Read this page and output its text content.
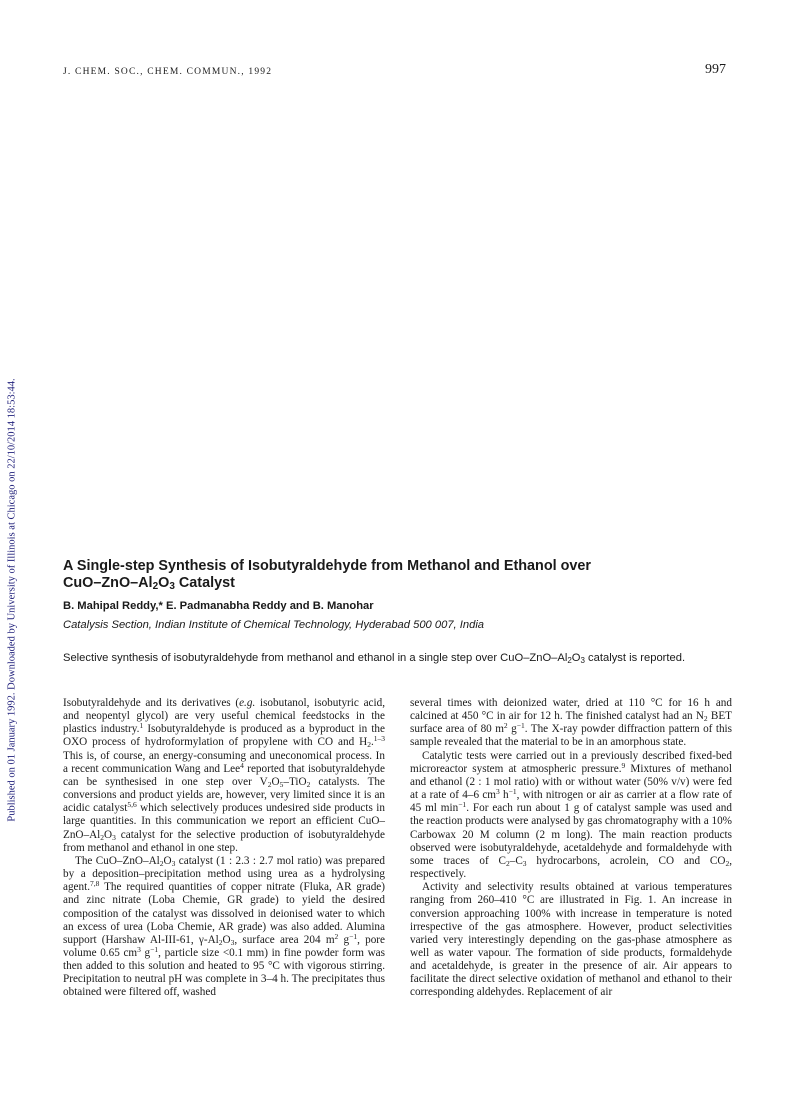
Published on 01 January 1992. Downloaded by University of Illinois at Chicago on 22/10/2014 18:53:44.
J. CHEM. SOC., CHEM. COMMUN., 1992	997
A Single-step Synthesis of Isobutyraldehyde from Methanol and Ethanol over
CuO–$ZnO-Al_2O_3$ Catalyst
B. Mahipal Reddy,* E. Padmanabha Reddy and B. Manohar
Catalysis Section, Indian Institute of Chemical Technology, Hyderabad 500 007, India

Selective synthesis of isobutyraldehyde from methanol and ethanol in a single step over CuO–$ZnO-Al_2O_3$ catalyst is reported.

Isobutyraldehyde and its derivatives (e.g. isobutanol, isobutyric acid, and neopentyl glycol) are very useful chemical feedstocks in the plastics industry.$^1$ Isobutyraldehyde is produced as a byproduct in the OXO process of hydroformylation of propylene with CO and $H_2.^{1-3}$ This is, of course, an energy-consuming and uneconomical process. In a recent communication Wang and Lee$^4$ reported that isobutyraldehyde can be synthesised in one step over $V_2O_5-TiO_2$ catalysts. The conversions and product yields are, however, very limited since it is an acidic catalyst$^{5,6}$ which selectively produces undesired side products in large quantities. In this communication we report an efficient CuO–$ZnO-Al_2O_3$ catalyst for the selective production of isobutyraldehyde from methanol and ethanol in one step.

The CuO–$ZnO-Al_2O_3$ catalyst (1 : 2.3 : 2.7 mol ratio) was prepared by a deposition–precipitation method using urea as a hydrolysing agent.$^{7,8}$ The required quantities of copper nitrate (Fluka, AR grade) and zinc nitrate (Loba Chemie, GR grade) to yield the desired composition of the catalyst was dissolved in deionised water to which an excess of urea (Loba Chemie, AR grade) was also added. Alumina support (Harshaw Al-III-61, $\gamma-Al_2O_3$, surface area 204 $m^2$ $g^{-1}$, pore volume 0.65 $cm^3$ $g^{-1}$, particle size <0.1 mm) in fine powder form was then added to this solution and heated to 95 °C with vigorous stirring. Precipitation to neutral pH was complete in 3–4 h. The precipitates thus obtained were filtered off, washed

several times with deionized water, dried at 110 °C for 16 h and calcined at 450 °C in air for 12 h. The finished catalyst had an $N_2$ BET surface area of 80 $m^2$ $g^{-1}$. The X-ray powder diffraction pattern of this sample revealed that the material to be in an amorphous state.

Catalytic tests were carried out in a previously described fixed-bed microreactor system at atmospheric pressure.$^9$ Mixtures of methanol and ethanol (2 : 1 mol ratio) with or without water (50% v/v) were fed at a rate of 4–6 $cm^3$ $h^{-1}$, with nitrogen or air as carrier at a flow rate of 45 ml $\min^{-1}$. For each run about 1 g of catalyst sample was used and the reaction products were analysed by gas chromatography with a 10% Carbowax 20 M column (2 m long). The main reaction products observed were isobutyraldehyde, acetaldehyde and formaldehyde with some traces of $C_2-C_3$ hydrocarbons, acrolein, CO and $CO_2$, respectively.

Activity and selectivity results obtained at various temperatures ranging from 260–410 °C are illustrated in Fig. 1. An increase in conversion approaching 100% with increase in temperature is noted irrespective of the gas atmosphere. However, product selectivities varied very interestingly depending on the gas-phase atmosphere as well as water vapour. The formation of side products, formaldehyde and acetaldehyde, is greater in the presence of air. Air appears to facilitate the direct selective oxidation of methanol and ethanol to their corresponding aldehydes. Replacement of air
